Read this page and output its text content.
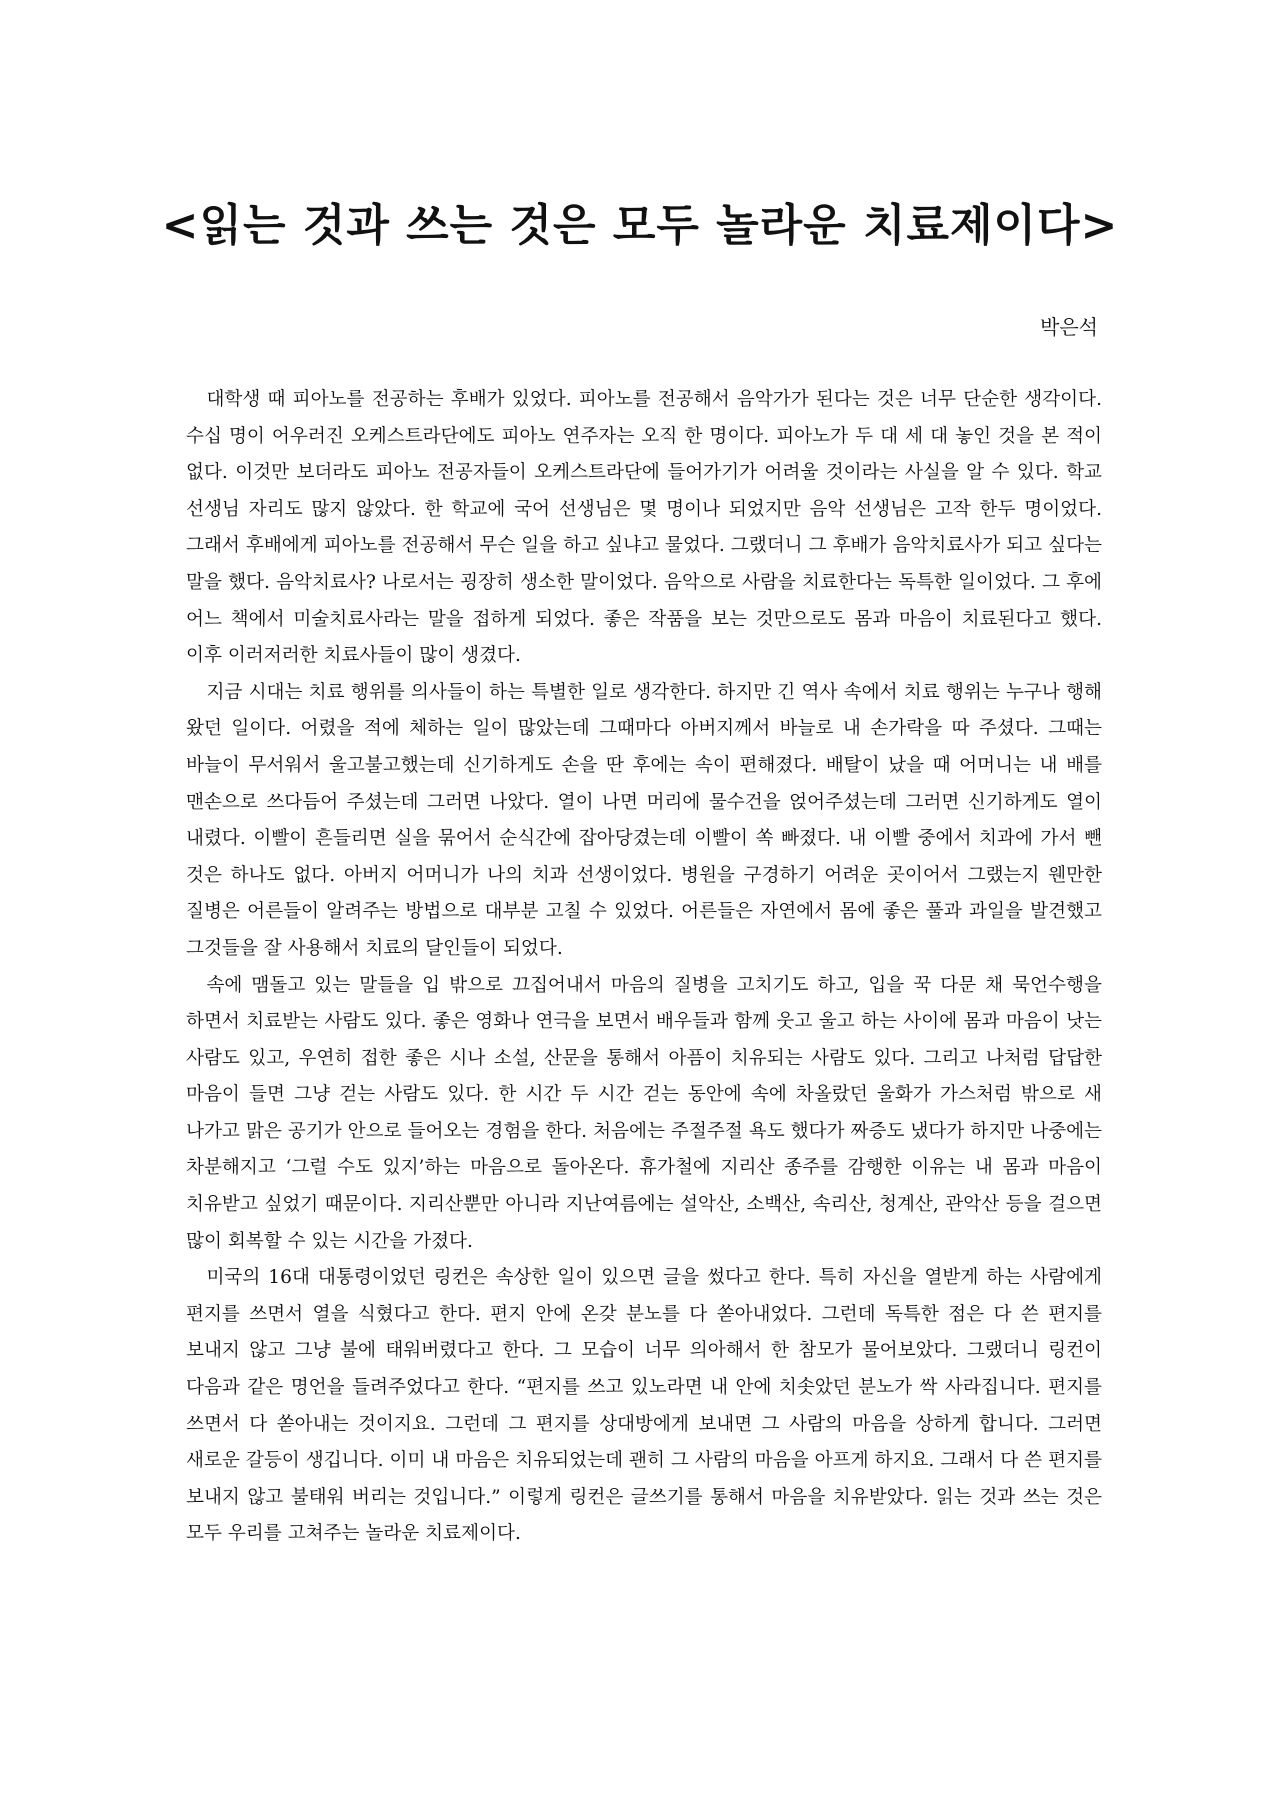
<읽는 것과 쓰는 것은 모두 놀라운 치료제이다>
박은석

대학생 때 피아노를 전공하는 후배가 있었다. 피아노를 전공해서 음악가가 된다는 것은 너무 단순한 생각이다. 수십 명이 어우러진 오케스트라단에도 피아노 연주자는 오직 한 명이다. 피아노가 두 대 세 대 놓인 것을 본 적이 없다. 이것만 보더라도 피아노 전공자들이 오케스트라단에 들어가기가 어려울 것이라는 사실을 알 수 있다. 학교 선생님 자리도 많지 않았다. 한 학교에 국어 선생님은 몇 명이나 되었지만 음악 선생님은 고작 한두 명이었다. 그래서 후배에게 피아노를 전공해서 무슨 일을 하고 싶냐고 물었다. 그랬더니 그 후배가 음악치료사가 되고 싶다는 말을 했다. 음악치료사? 나로서는 굉장히 생소한 말이었다. 음악으로 사람을 치료한다는 독특한 일이었다. 그 후에 어느 책에서 미술치료사라는 말을 접하게 되었다. 좋은 작품을 보는 것만으로도 몸과 마음이 치료된다고 했다. 이후 이러저러한 치료사들이 많이 생겼다.

지금 시대는 치료 행위를 의사들이 하는 특별한 일로 생각한다. 하지만 긴 역사 속에서 치료 행위는 누구나 행해 왔던 일이다. 어렸을 적에 체하는 일이 많았는데 그때마다 아버지께서 바늘로 내 손가락을 따 주셨다. 그때는 바늘이 무서워서 울고불고했는데 신기하게도 손을 딴 후에는 속이 편해졌다. 배탈이 났을 때 어머니는 내 배를 맨손으로 쓰다듬어 주셨는데 그러면 나았다. 열이 나면 머리에 물수건을 얹어주셨는데 그러면 신기하게도 열이 내렸다. 이빨이 흔들리면 실을 묶어서 순식간에 잡아당겼는데 이빨이 쏙 빠졌다. 내 이빨 중에서 치과에 가서 뺀 것은 하나도 없다. 아버지 어머니가 나의 치과 선생이었다. 병원을 구경하기 어려운 곳이어서 그랬는지 웬만한 질병은 어른들이 알려주는 방법으로 대부분 고칠 수 있었다. 어른들은 자연에서 몸에 좋은 풀과 과일을 발견했고 그것들을 잘 사용해서 치료의 달인들이 되었다.

속에 맴돌고 있는 말들을 입 밖으로 끄집어내서 마음의 질병을 고치기도 하고, 입을 꾹 다문 채 묵언수행을 하면서 치료받는 사람도 있다. 좋은 영화나 연극을 보면서 배우들과 함께 웃고 울고 하는 사이에 몸과 마음이 낫는 사람도 있고, 우연히 접한 좋은 시나 소설, 산문을 통해서 아픔이 치유되는 사람도 있다. 그리고 나처럼 답답한 마음이 들면 그냥 걷는 사람도 있다. 한 시간 두 시간 걷는 동안에 속에 차올랐던 울화가 가스처럼 밖으로 새 나가고 맑은 공기가 안으로 들어오는 경험을 한다. 처음에는 주절주절 욕도 했다가 짜증도 냈다가 하지만 나중에는 차분해지고 ‘그럴 수도 있지’하는 마음으로 돌아온다. 휴가철에 지리산 종주를 감행한 이유는 내 몸과 마음이 치유받고 싶었기 때문이다. 지리산뿐만 아니라 지난여름에는 설악산, 소백산, 속리산, 청계산, 관악산 등을 걸으면 많이 회복할 수 있는 시간을 가졌다.

미국의 16대 대통령이었던 링컨은 속상한 일이 있으면 글을 썼다고 한다. 특히 자신을 열받게 하는 사람에게 편지를 쓰면서 열을 식혔다고 한다. 편지 안에 온갖 분노를 다 쏟아내었다. 그런데 독특한 점은 다 쓴 편지를 보내지 않고 그냥 불에 태워버렸다고 한다. 그 모습이 너무 의아해서 한 참모가 물어보았다. 그랬더니 링컨이 다음과 같은 명언을 들려주었다고 한다. “편지를 쓰고 있노라면 내 안에 치솟았던 분노가 싹 사라집니다. 편지를 쓰면서 다 쏟아내는 것이지요. 그런데 그 편지를 상대방에게 보내면 그 사람의 마음을 상하게 합니다. 그러면 새로운 갈등이 생깁니다. 이미 내 마음은 치유되었는데 괜히 그 사람의 마음을 아프게 하지요. 그래서 다 쓴 편지를 보내지 않고 불태워 버리는 것입니다.” 이렇게 링컨은 글쓰기를 통해서 마음을 치유받았다. 읽는 것과 쓰는 것은 모두 우리를 고쳐주는 놀라운 치료제이다.
